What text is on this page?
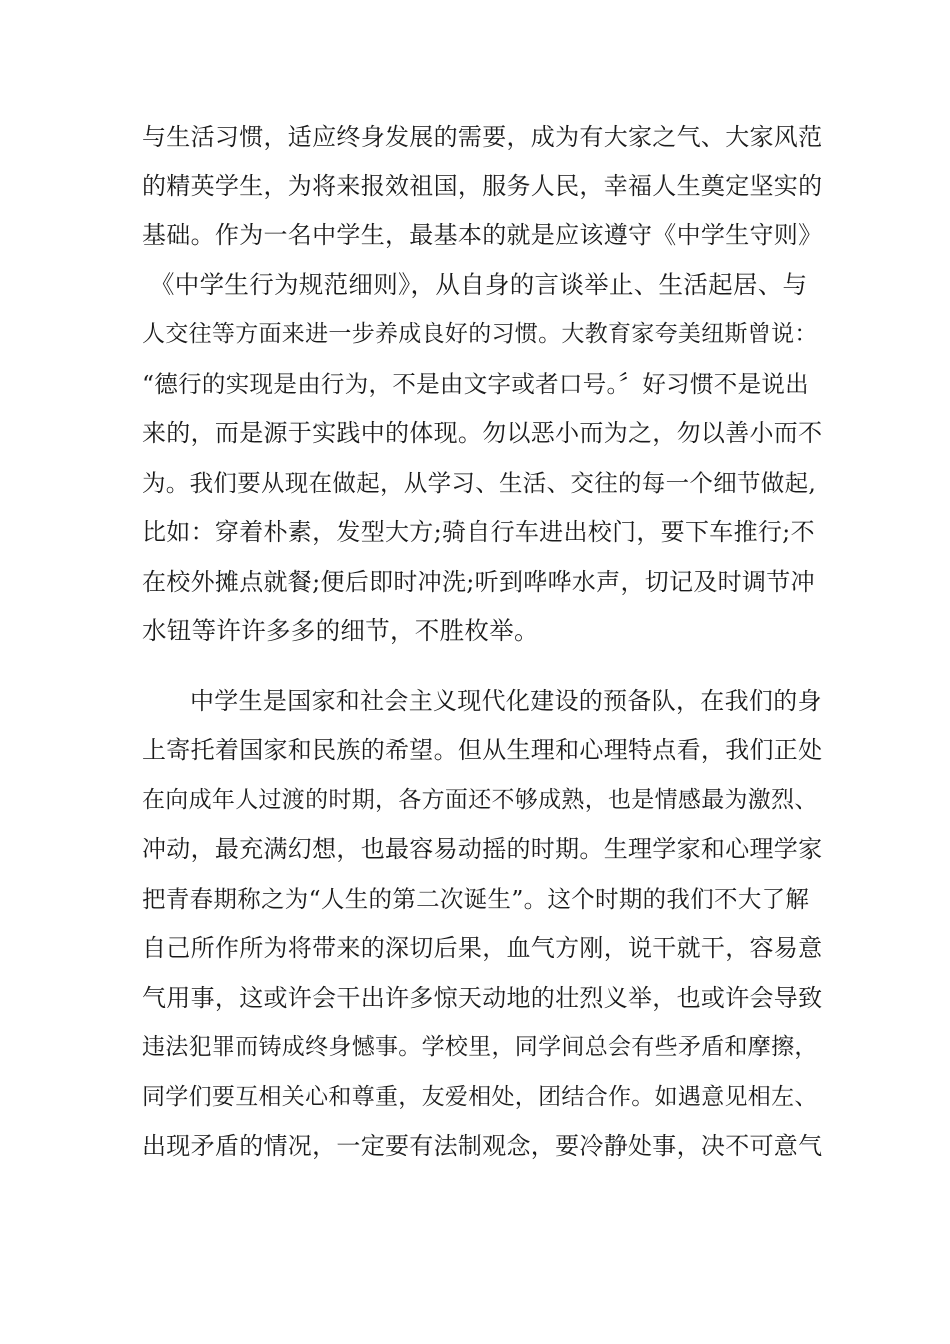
与生活习惯，适应终身发展的需要，成为有大家之气、大家风范
的精英学生，为将来报效祖国，服务人民，幸福人生奠定坚实的
基础。作为一名中学生，最基本的就是应该遵守《中学生守则》
《中学生行为规范细则》，从自身的言谈举止、生活起居、与
人交往等方面来进一步养成良好的习惯。大教育家夸美纽斯曾说：
“德行的实现是由行为，不是由文字或者口号。〞好习惯不是说出
来的，而是源于实践中的体现。勿以恶小而为之，勿以善小而不
为。我们要从现在做起，从学习、生活、交往的每一个细节做起,
比如：穿着朴素，发型大方;骑自行车进出校门，要下车推行;不
在校外摊点就餐;便后即时冲洗;听到哗哗水声，切记及时调节冲
水钮等许许多多的细节，不胜枚举。
中学生是国家和社会主义现代化建设的预备队，在我们的身
上寄托着国家和民族的希望。但从生理和心理特点看，我们正处
在向成年人过渡的时期，各方面还不够成熟，也是情感最为激烈、
冲动，最充满幻想，也最容易动摇的时期。生理学家和心理学家
把青春期称之为“人生的第二次诞生”。这个时期的我们不大了解
自己所作所为将带来的深切后果，血气方刚，说干就干，容易意
气用事，这或许会干出许多惊天动地的壮烈义举，也或许会导致
违法犯罪而铸成终身憾事。学校里，同学间总会有些矛盾和摩擦，
同学们要互相关心和尊重，友爱相处，团结合作。如遇意见相左、
出现矛盾的情况，一定要有法制观念，要冷静处事，决不可意气
